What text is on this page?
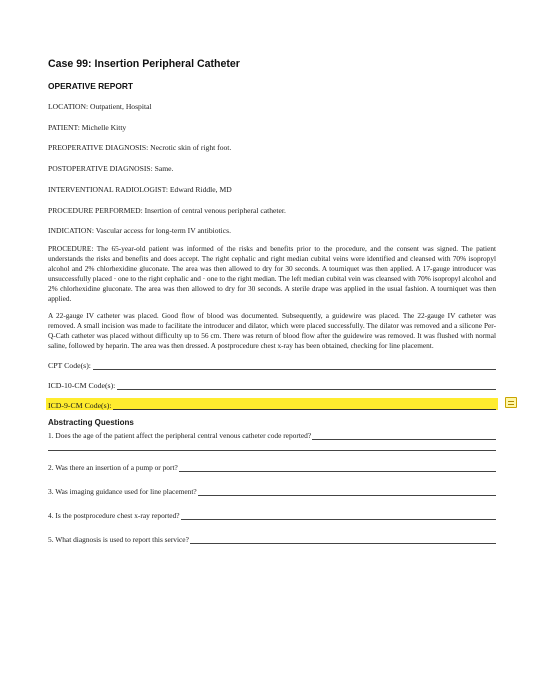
Case 99: Insertion Peripheral Catheter
OPERATIVE REPORT
LOCATION: Outpatient, Hospital
PATIENT: Michelle Kitty
PREOPERATIVE DIAGNOSIS: Necrotic skin of right foot.
POSTOPERATIVE DIAGNOSIS: Same.
INTERVENTIONAL RADIOLOGIST: Edward Riddle, MD
PROCEDURE PERFORMED: Insertion of central venous peripheral catheter.
INDICATION: Vascular access for long-term IV antibiotics.

PROCEDURE: The 65-year-old patient was informed of the risks and benefits prior to the procedure, and the consent was signed. The patient understands the risks and benefits and does accept. The right cephalic and right median cubital veins were identified and cleansed with 70% isopropyl alcohol and 2% chlorhexidine gluconate. The area was then allowed to dry for 30 seconds. A tourniquet was then applied. A 17-gauge introducer was unsuccessfully placed · one to the right cephalic and · one to the right median. The left median cubital vein was cleansed with 70% isopropyl alcohol and 2% chlorhexidine gluconate. The area was then allowed to dry for 30 seconds. A sterile drape was applied in the usual fashion. A tourniquet was then applied.

A 22-gauge IV catheter was placed. Good flow of blood was documented. Subsequently, a guidewire was placed. The 22-gauge IV catheter was removed. A small incision was made to facilitate the introducer and dilator, which were placed successfully. The dilator was removed and a silicone Per-Q-Cath catheter was placed without difficulty up to 56 cm. There was return of blood flow after the guidewire was removed. It was flushed with normal saline, followed by heparin. The area was then dressed. A postprocedure chest x-ray has been obtained, checking for line placement.

CPT Code(s):
ICD-10-CM Code(s):
ICD-9-CM Code(s):
Abstracting Questions
1. Does the age of the patient affect the peripheral central venous catheter code reported?
2. Was there an insertion of a pump or port?
3. Was imaging guidance used for line placement?
4. Is the postprocedure chest x-ray reported?
5. What diagnosis is used to report this service?
